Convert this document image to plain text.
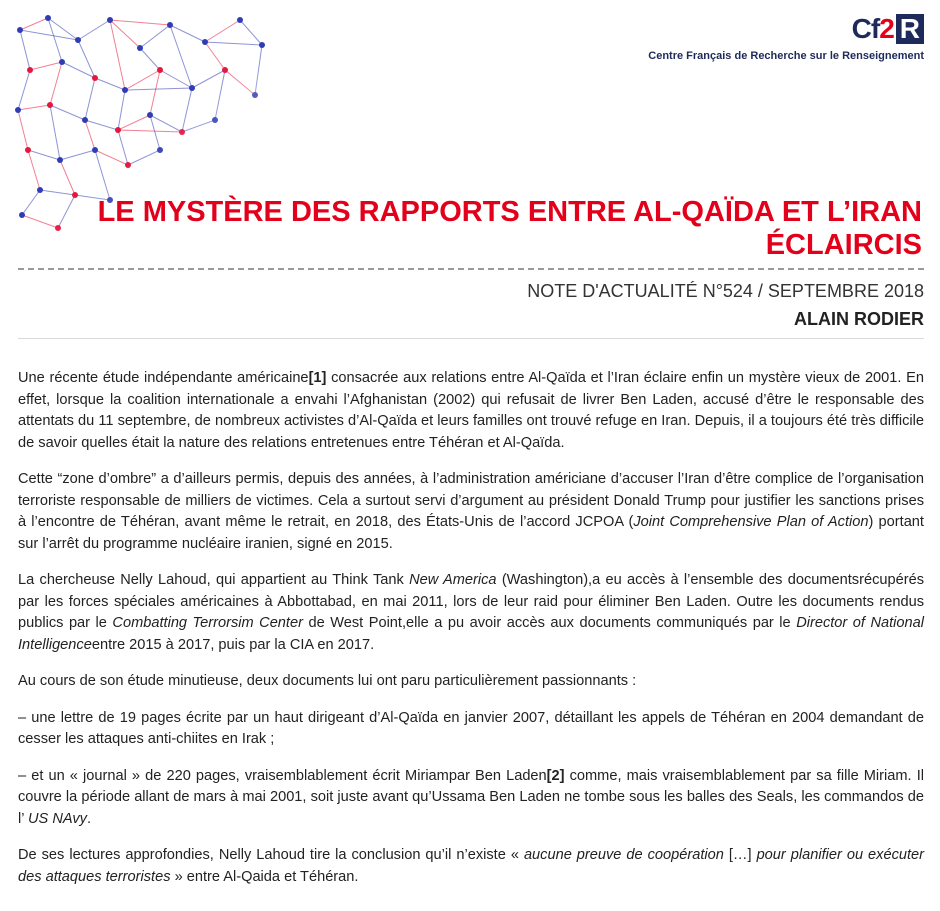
Cf 2 R
Centre Français de Recherche sur le Renseignement
LE MYSTÈRE DES RAPPORTS ENTRE AL-QAÏDA ET L’IRAN ÉCLAIRCIS
NOTE D'ACTUALITÉ N°524 / SEPTEMBRE 2018
ALAIN RODIER

Une récente étude indépendante américaine[1] consacrée aux relations entre Al-Qaïda et l’Iran éclaire enfin un mystère vieux de 2001. En effet, lorsque la coalition internationale a envahi l’Afghanistan (2002) qui refusait de livrer Ben Laden, accusé d’être le responsable des attentats du 11 septembre, de nombreux activistes d’Al-Qaïda et leurs familles ont trouvé refuge en Iran. Depuis, il a toujours été très difficile de savoir quelles était la nature des relations entretenues entre Téhéran et Al-Qaïda.

Cette “zone d’ombre” a d’ailleurs permis, depuis des années, à l’administration américiane d’accuser l’Iran d’être complice de l’organisation terroriste responsable de milliers de victimes. Cela a surtout servi d’argument au président Donald Trump pour justifier les sanctions prises à l’encontre de Téhéran, avant même le retrait, en 2018, des États-Unis de l’accord JCPOA (Joint Comprehensive Plan of Action) portant sur l’arrêt du programme nucléaire iranien, signé en 2015.

La chercheuse Nelly Lahoud, qui appartient au Think Tank New America (Washington),a eu accès à l’ensemble des documentsrécupérés par les forces spéciales américaines à Abbottabad, en mai 2011, lors de leur raid pour éliminer Ben Laden. Outre les documents rendus publics par le Combatting Terrorsim Center de West Point,elle a pu avoir accès aux documents communiqués par le Director of National Intelligenceentre 2015 à 2017, puis par la CIA en 2017.

Au cours de son étude minutieuse, deux documents lui ont paru particulièrement passionnants :

– une lettre de 19 pages écrite par un haut dirigeant d’Al-Qaïda en janvier 2007, détaillant les appels de Téhéran en 2004 demandant de cesser les attaques anti-chiites en Irak ;

– et un « journal » de 220 pages, vraisemblablement écrit Miriampar Ben Laden[2] comme, mais vraisemblablement par sa fille Miriam. Il couvre la période allant de mars à mai 2001, soit juste avant qu’Ussama Ben Laden ne tombe sous les balles des Seals, les commandos de l’ US NAvy.

De ses lectures approfondies, Nelly Lahoud tire la conclusion qu’il n’existe « aucune preuve de coopération […] pour planifier ou exécuter des attaques terroristes » entre Al-Qaida et Téhéran.
